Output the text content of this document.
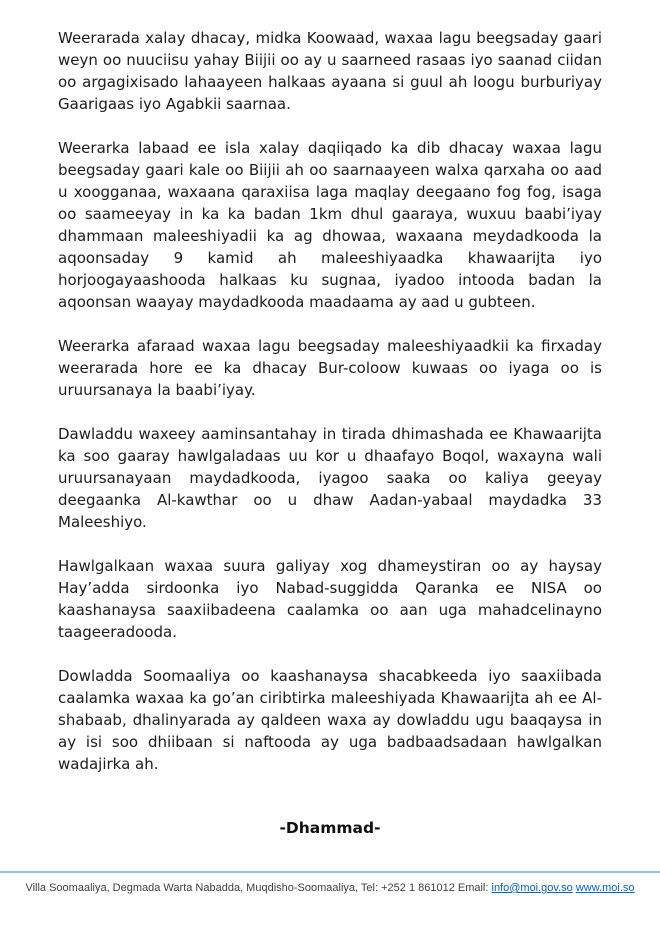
Weerarada xalay dhacay, midka Koowaad, waxaa lagu beegsaday gaari weyn oo nuuciisu yahay Biijii oo ay u saarneed rasaas iyo saanad ciidan oo argagixisado lahaayeen halkaas ayaana si guul ah loogu burburiyay Gaarigaas iyo Agabkii saarnaa.

Weerarka labaad ee isla xalay daqiiqado ka dib dhacay waxaa lagu beegsaday gaari kale oo Biijii ah oo saarnaayeen walxa qarxaha oo aad u xoogganaa, waxaana qaraxiisa laga maqlay deegaano fog fog, isaga oo saameeyay in ka ka badan 1km dhul gaaraya, wuxuu baabi’iyay dhammaan maleeshiyadii ka ag dhowaa, waxaana meydadkooda la aqoonsaday 9 kamid ah maleeshiyaadka khawaarijta iyo horjoogayaashooda halkaas ku sugnaa, iyadoo intooda badan la aqoonsan waayay maydadkooda maadaama ay aad u gubteen.

Weerarka afaraad waxaa lagu beegsaday maleeshiyaadkii ka firxaday weerarada hore ee ka dhacay Bur-coloow kuwaas oo iyaga oo is uruursanaya la baabi’iyay.

Dawladdu waxeey aaminsantahay in tirada dhimashada ee Khawaarijta ka soo gaaray hawlgaladaas uu kor u dhaafayo Boqol, waxayna wali uruursanayaan maydadkooda, iyagoo saaka oo kaliya geeyay deegaanka Al-kawthar oo u dhaw Aadan-yabaal maydadka 33 Maleeshiyo.

Hawlgalkaan waxaa suura galiyay xog dhameystiran oo ay haysay Hay’adda sirdoonka iyo Nabad-suggidda Qaranka ee NISA oo kaashanaysa saaxiibadeena caalamka oo aan uga mahadcelinayno taageeradooda.

Dowladda Soomaaliya oo kaashanaysa shacabkeeda iyo saaxiibada caalamka waxaa ka go’an ciribtirka maleeshiyada Khawaarijta ah ee Al-shabaab, dhalinyarada ay qaldeen waxa ay dowladdu ugu baaqaysa in ay isi soo dhiibaan si naftooda ay uga badbaadsadaan hawlgalkan wadajirka ah.

-Dhammad-
Villa Soomaaliya, Degmada Warta Nabadda, Muqdisho-Soomaaliya, Tel: +252 1 861012 Email: info@moi.gov.so www.moi.so
